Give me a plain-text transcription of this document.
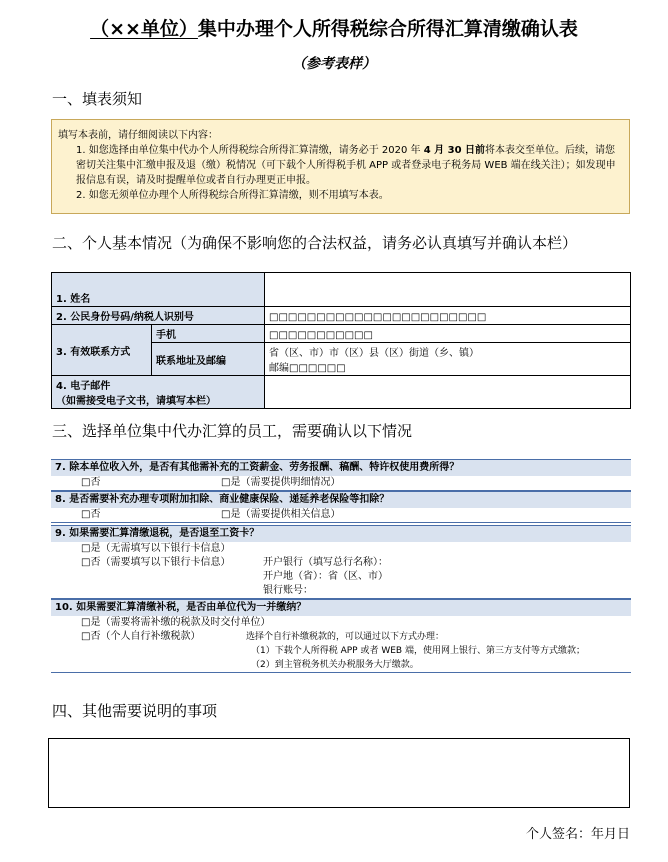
（××单位）集中办理个人所得税综合所得汇算清缴确认表
（参考表样）
一、填表须知

填写本表前，请仔细阅读以下内容：

1. 如您选择由单位集中代办个人所得税综合所得汇算清缴，请务必于 2020 年 4 月 30 日前将本表交至单位。后续，请您密切关注集中汇缴申报及退（缴）税情况（可下载个人所得税手机 APP 或者登录电子税务局 WEB 端在线关注）；如发现申报信息有误，请及时提醒单位或者自行办理更正申报。

2. 如您无须单位办理个人所得税综合所得汇算清缴，则不用填写本表。

二、个人基本情况（为确保不影响您的合法权益，请务必认真填写并确认本栏）
1. 姓名		
2. 公民身份号码/纳税人识别号		□□□□□□□□□□□□□□□□□□□□□□□
3. 有效联系方式	手机	□□□□□□□□□□□
	联系地址及邮编	省（区、市）市（区）县（区）街道（乡、镇）
邮编□□□□□□

4. 电子邮件
（如需接受电子文书，请填写本栏）		

三、选择单位集中代办汇算的员工，需要确认以下情况
7. 除本单位收入外，是否有其他需补充的工资薪金、劳务报酬、稿酬、特许权使用费所得？
□否	□是（需要提供明细情况）
8. 是否需要补充办理专项附加扣除、商业健康保险、递延养老保险等扣除？
□否	□是（需要提供相关信息）
9. 如果需要汇算清缴退税，是否退至工资卡？
□是（无需填写以下银行卡信息）
□否（需要填写以下银行卡信息）	开户银行（填写总行名称）：
开户地（省）：省（区、市）
银行账号：
10. 如果需要汇算清缴补税，是否由单位代为一并缴纳？
□是（需要将需补缴的税款及时交付单位）
□否（个人自行补缴税款）	选择个自行补缴税款的，可以通过以下方式办理：
（1）下载个人所得税 APP 或者 WEB 端，使用网上银行、第三方支付等方式缴款；
（2）到主管税务机关办税服务大厅缴款。
四、其他需要说明的事项
个人签名：年月日
